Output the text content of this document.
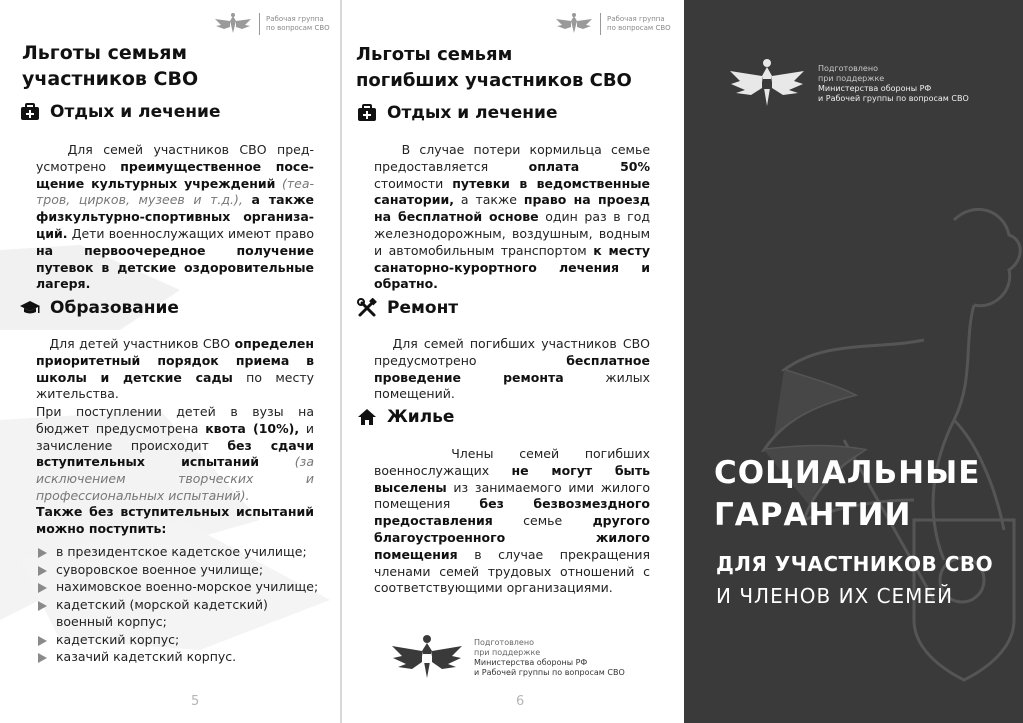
Рабочая группа
по вопросам СВО
Льготы семьям
участников СВО
Отдых и лечение
Для семей участников СВО пред-усмотрено преимущественное посе- щение культурных учреждений (теа- тров, цирков, музеев и т.д.), а также физкультурно-спортивных организа-ций. Дети военнослужащих имеют право на первоочередное получение путевок в детские оздоровительные лагеря.
Образование
Для детей участников СВО определен приоритетный порядок приема в школы и детские сады по месту жительства.
При поступлении детей в вузы на бюджет предусмотрена квота (10%), и зачисление происходит без сдачи вступительных испытаний (за исключением творческих и профессиональных испытаний).
Также без вступительных испытаний можно поступить:
в президентское кадетское училище;
суворовское военное училище;
нахимовское военно-морское училище;
кадетский (морской кадетский) военный корпус;
кадетский корпус;
казачий кадетский корпус.
5
Рабочая группа
по вопросам СВО
Льготы семьям
погибших участников СВО
Отдых и лечение
В случае потери кормильца семье предоставляется оплата 50% стоимости путевки в ведомственные санатории, а также право на проезд на бесплатной основе один раз в год железнодорожным, воздушным, водным и автомобильным транспортом к месту санаторно-курортного лечения и обратно.
Ремонт
Для семей погибших участников СВО предусмотрено бесплатное проведение ремонта жилых помещений.
Жилье
Члены семей погибших военнослужащих не могут быть выселены из занимаемого ими жилого помещения без безвозмездного предоставления семье другого благоустроенного жилого помещения в случае прекращения членами семей трудовых отношений с соответствующими организациями.
Подготовлено
при поддержке
Министерства обороны РФ
и Рабочей группы по вопросам СВО
6
Подготовлено
при поддержке
Министерства обороны РФ
и Рабочей группы по вопросам СВО
СОЦИАЛЬНЫЕ
ГАРАНТИИ
ДЛЯ УЧАСТНИКОВ СВО
И ЧЛЕНОВ ИХ СЕМЕЙ
